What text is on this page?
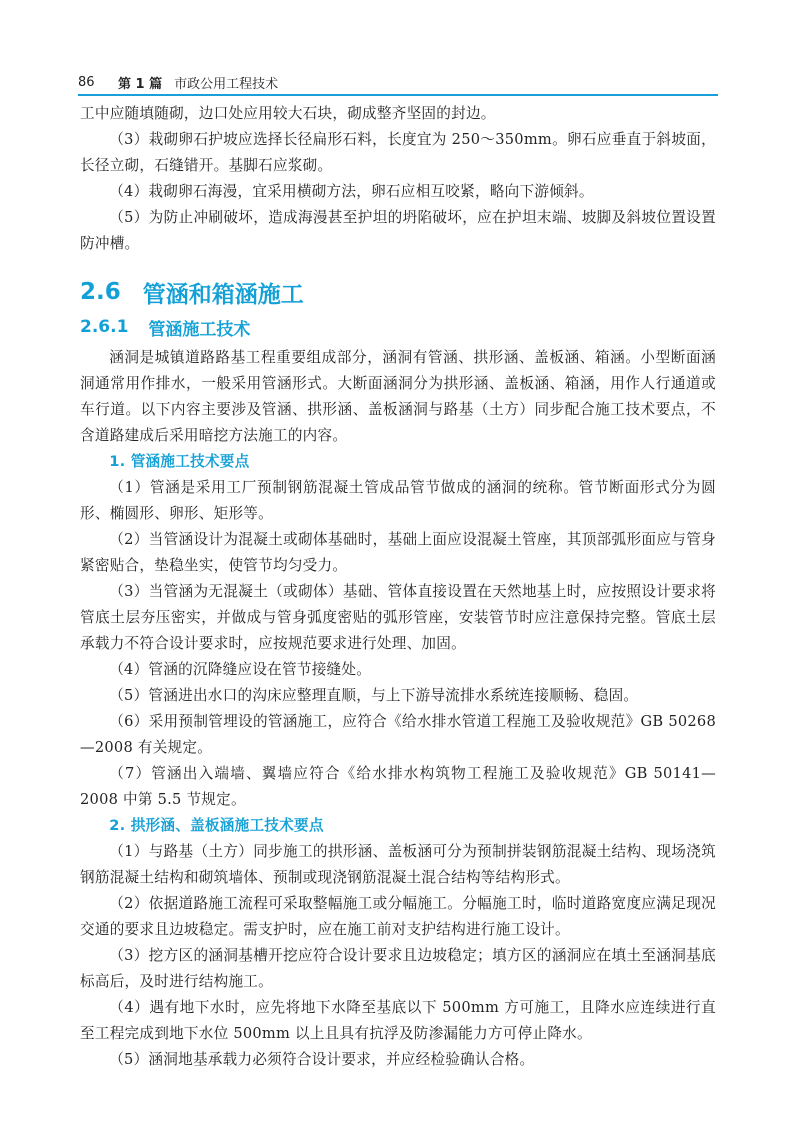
86	第 1 篇 市政公用工程技术

工中应随填随砌，边口处应用较大石块，砌成整齐坚固的封边。

（3）栽砌卵石护坡应选择长径扁形石料，长度宜为 250～350mm。卵石应垂直于斜坡面，长径立砌，石缝错开。基脚石应浆砌。

（4）栽砌卵石海漫，宜采用横砌方法，卵石应相互咬紧，略向下游倾斜。

（5）为防止冲刷破坏，造成海漫甚至护坦的坍陷破坏，应在护坦末端、坡脚及斜坡位置设置防冲槽。

2.6 管涵和箱涵施工
2.6.1 管涵施工技术

涵洞是城镇道路路基工程重要组成部分，涵洞有管涵、拱形涵、盖板涵、箱涵。小型断面涵洞通常用作排水，一般采用管涵形式。大断面涵洞分为拱形涵、盖板涵、箱涵，用作人行通道或车行道。以下内容主要涉及管涵、拱形涵、盖板涵洞与路基（土方）同步配合施工技术要点，不含道路建成后采用暗挖方法施工的内容。

1. 管涵施工技术要点

（1）管涵是采用工厂预制钢筋混凝土管成品管节做成的涵洞的统称。管节断面形式分为圆形、椭圆形、卵形、矩形等。

（2）当管涵设计为混凝土或砌体基础时，基础上面应设混凝土管座，其顶部弧形面应与管身紧密贴合，垫稳坐实，使管节均匀受力。

（3）当管涵为无混凝土（或砌体）基础、管体直接设置在天然地基上时，应按照设计要求将管底土层夯压密实，并做成与管身弧度密贴的弧形管座，安装管节时应注意保持完整。管底土层承载力不符合设计要求时，应按规范要求进行处理、加固。

（4）管涵的沉降缝应设在管节接缝处。

（5）管涵进出水口的沟床应整理直顺，与上下游导流排水系统连接顺畅、稳固。

（6）采用预制管埋设的管涵施工，应符合《给水排水管道工程施工及验收规范》GB 50268—2008 有关规定。

（7）管涵出入端墙、翼墙应符合《给水排水构筑物工程施工及验收规范》GB 50141—2008 中第 5.5 节规定。

2. 拱形涵、盖板涵施工技术要点

（1）与路基（土方）同步施工的拱形涵、盖板涵可分为预制拼装钢筋混凝土结构、现场浇筑钢筋混凝土结构和砌筑墙体、预制或现浇钢筋混凝土混合结构等结构形式。

（2）依据道路施工流程可采取整幅施工或分幅施工。分幅施工时，临时道路宽度应满足现况交通的要求且边坡稳定。需支护时，应在施工前对支护结构进行施工设计。

（3）挖方区的涵洞基槽开挖应符合设计要求且边坡稳定；填方区的涵洞应在填土至涵洞基底标高后，及时进行结构施工。

（4）遇有地下水时，应先将地下水降至基底以下 500mm 方可施工，且降水应连续进行直至工程完成到地下水位 500mm 以上且具有抗浮及防渗漏能力方可停止降水。

（5）涵洞地基承载力必须符合设计要求，并应经检验确认合格。
